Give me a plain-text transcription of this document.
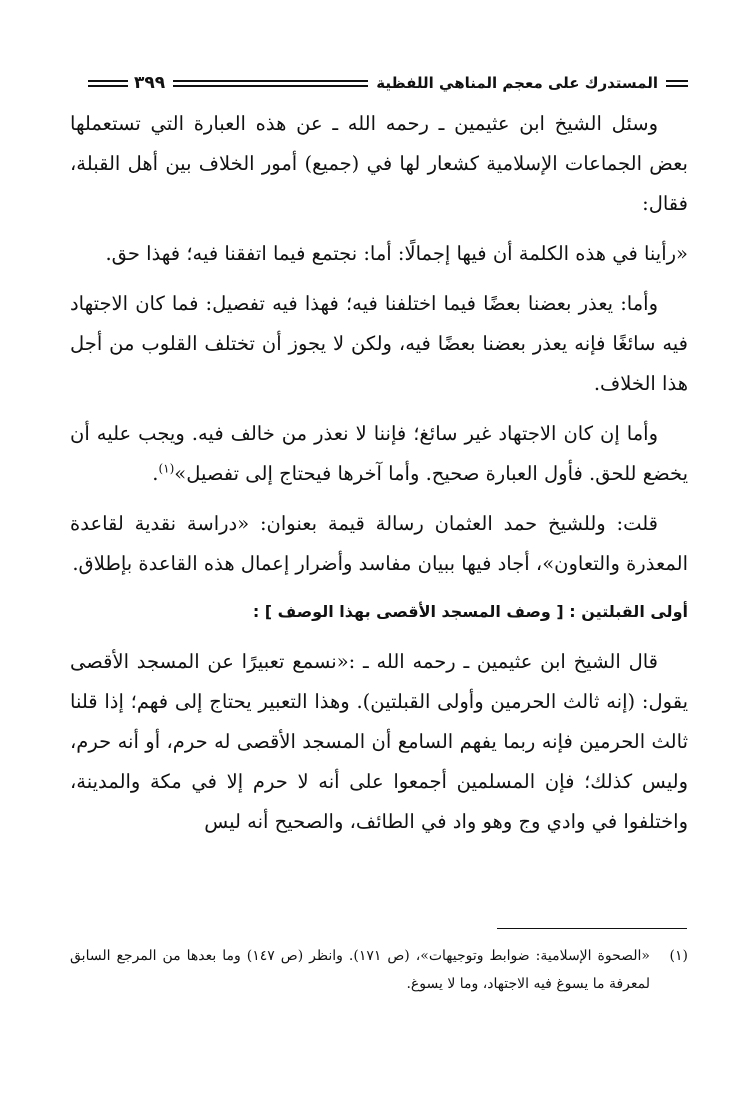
المستدرك على معجم المناهي اللفظية
٣٩٩

وسئل الشيخ ابن عثيمين ـ رحمه الله ـ عن هذه العبارة التي تستعملها بعض الجماعات الإسلامية كشعار لها في (جميع) أمور الخلاف بين أهل القبلة، فقال:

«رأينا في هذه الكلمة أن فيها إجمالًا: أما: نجتمع فيما اتفقنا فيه؛ فهذا حق.

وأما: يعذر بعضنا بعضًا فيما اختلفنا فيه؛ فهذا فيه تفصيل: فما كان الاجتهاد فيه سائغًا فإنه يعذر بعضنا بعضًا فيه، ولكن لا يجوز أن تختلف القلوب من أجل هذا الخلاف.

وأما إن كان الاجتهاد غير سائغ؛ فإننا لا نعذر من خالف فيه. ويجب عليه أن يخضع للحق. فأول العبارة صحيح. وأما آخرها فيحتاج إلى تفصيل»$^{(١)}$.

قلت: وللشيخ حمد العثمان رسالة قيمة بعنوان: «دراسة نقدية لقاعدة المعذرة والتعاون»، أجاد فيها ببيان مفاسد وأضرار إعمال هذه القاعدة بإطلاق.

أولى القبلتين : [ وصف المسجد الأقصى بهذا الوصف ] :

قال الشيخ ابن عثيمين ـ رحمه الله ـ :«نسمع تعبيرًا عن المسجد الأقصى يقول: (إنه ثالث الحرمين وأولى القبلتين). وهذا التعبير يحتاج إلى فهم؛ إذا قلنا ثالث الحرمين فإنه ربما يفهم السامع أن المسجد الأقصى له حرم، أو أنه حرم، وليس كذلك؛ فإن المسلمين أجمعوا على أنه لا حرم إلا في مكة والمدينة، واختلفوا في وادي وج وهو واد في الطائف، والصحيح أنه ليس

(١)
«الصحوة الإسلامية: ضوابط وتوجيهات»، (ص ١٧١). وانظر (ص ١٤٧) وما بعدها من المرجع السابق لمعرفة ما يسوغ فيه الاجتهاد، وما لا يسوغ.
